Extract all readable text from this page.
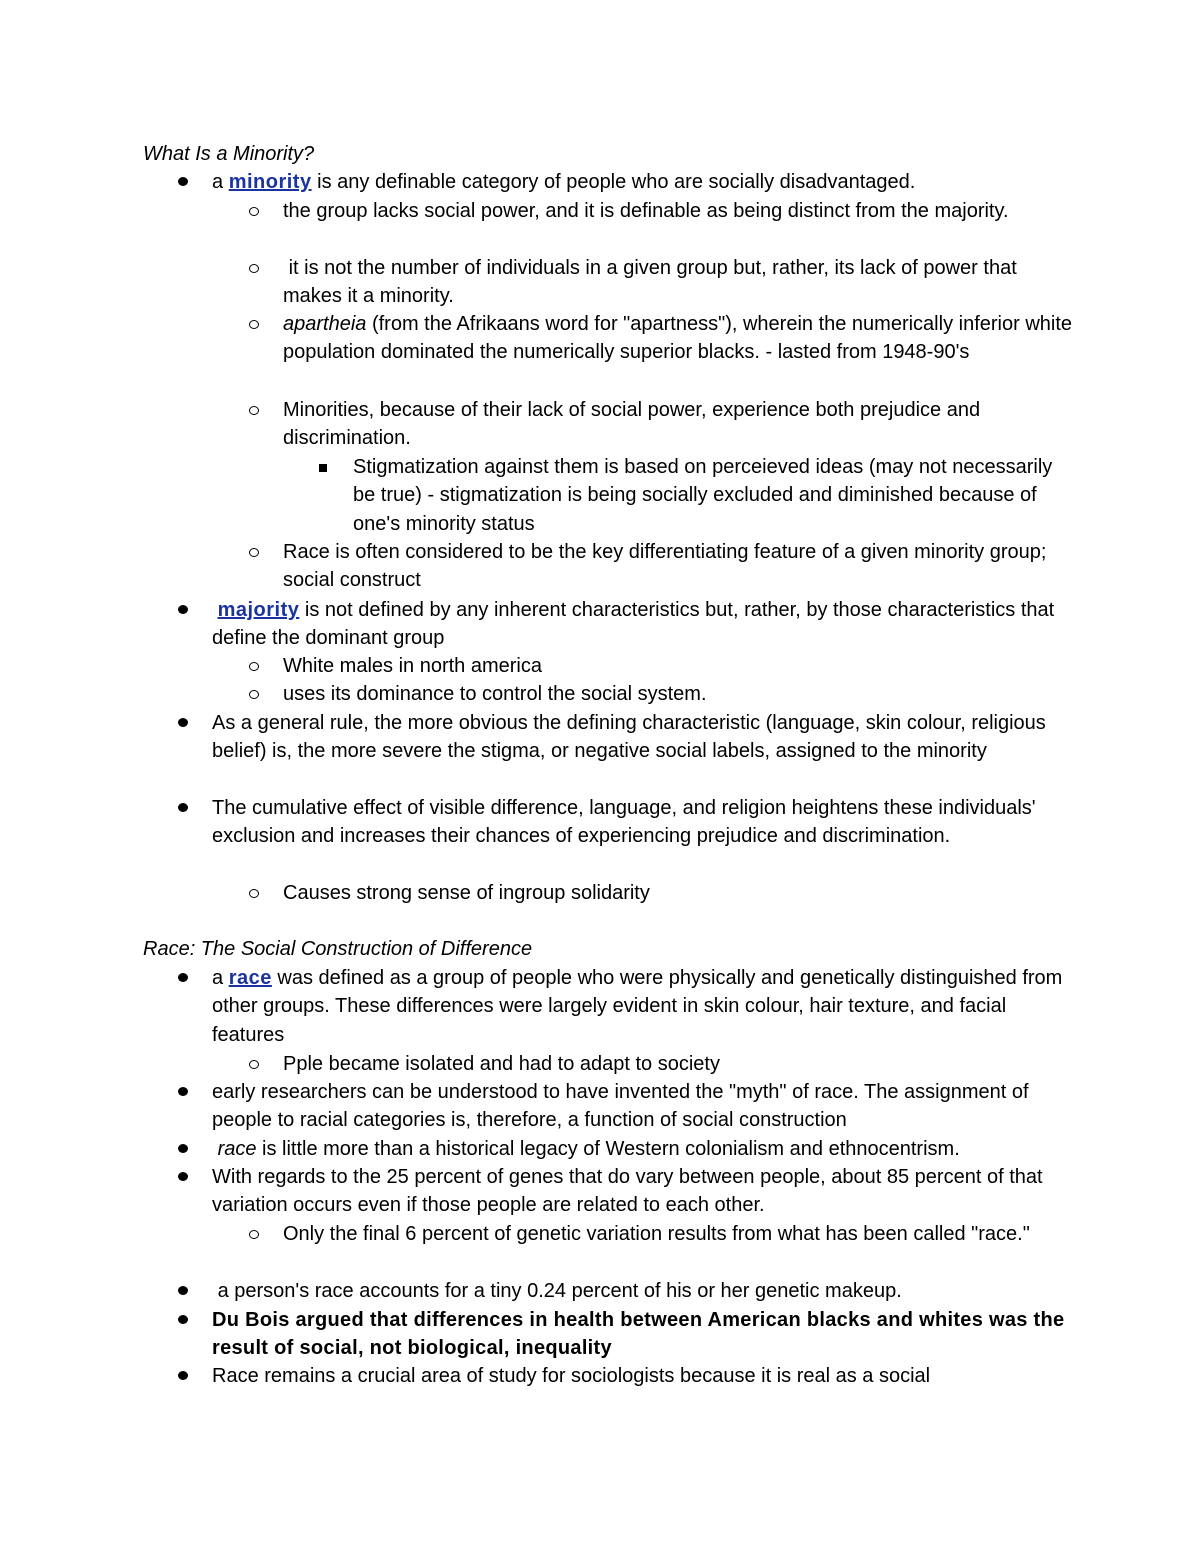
What Is a Minority?
a minority is any definable category of people who are socially disadvantaged.
the group lacks social power, and it is definable as being distinct from the majority.
it is not the number of individuals in a given group but, rather, its lack of power that makes it a minority.
apartheia (from the Afrikaans word for "apartness"), wherein the numerically inferior white population dominated the numerically superior blacks. - lasted from 1948-90's
Minorities, because of their lack of social power, experience both prejudice and discrimination.
Stigmatization against them is based on perceieved ideas (may not necessarily be true) - stigmatization is being socially excluded and diminished because of one's minority status
Race is often considered to be the key differentiating feature of a given minority group; social construct
majority is not defined by any inherent characteristics but, rather, by those characteristics that define the dominant group
White males in north america
uses its dominance to control the social system.
As a general rule, the more obvious the defining characteristic (language, skin colour, religious belief) is, the more severe the stigma, or negative social labels, assigned to the minority
The cumulative effect of visible difference, language, and religion heightens these individuals' exclusion and increases their chances of experiencing prejudice and discrimination.
Causes strong sense of ingroup solidarity
Race: The Social Construction of Difference
a race was defined as a group of people who were physically and genetically distinguished from other groups. These differences were largely evident in skin colour, hair texture, and facial features
Pple became isolated and had to adapt to society
early researchers can be understood to have invented the "myth" of race. The assignment of people to racial categories is, therefore, a function of social construction
race is little more than a historical legacy of Western colonialism and ethnocentrism.
With regards to the 25 percent of genes that do vary between people, about 85 percent of that variation occurs even if those people are related to each other.
Only the final 6 percent of genetic variation results from what has been called "race."
a person's race accounts for a tiny 0.24 percent of his or her genetic makeup.
Du Bois argued that differences in health between American blacks and whites was the result of social, not biological, inequality
Race remains a crucial area of study for sociologists because it is real as a social
